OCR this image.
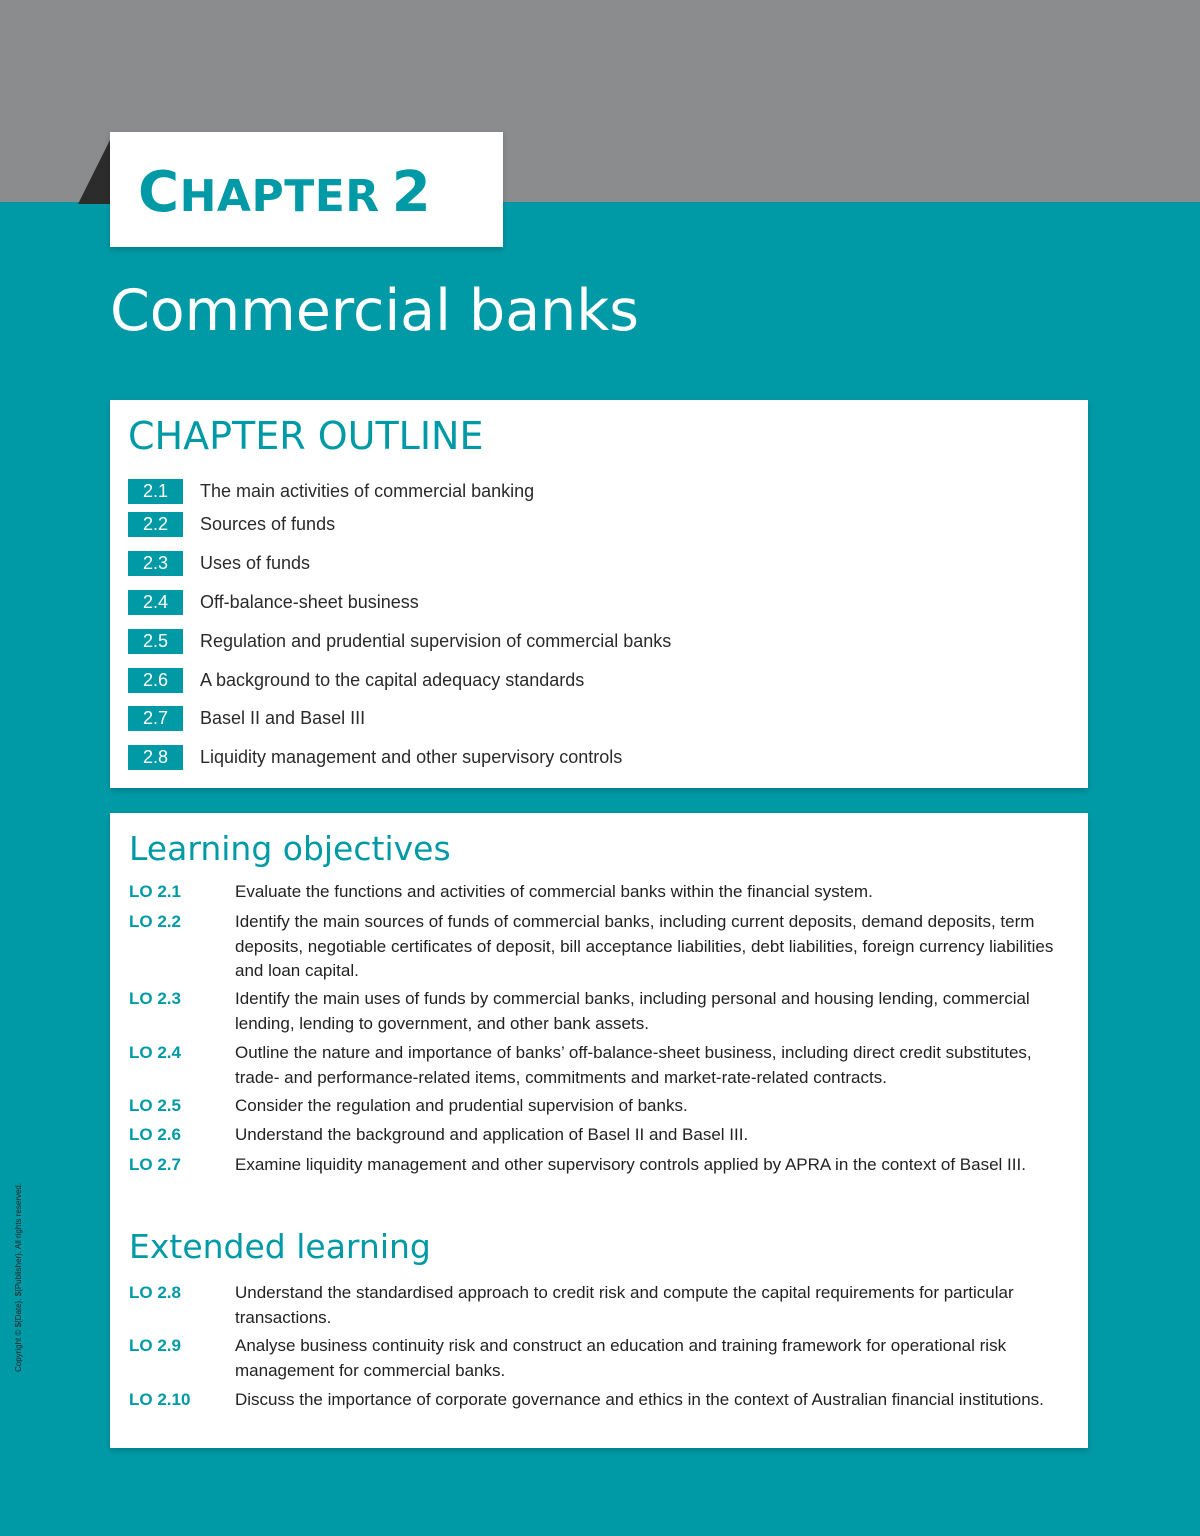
CHAPTER 2
Commercial banks
CHAPTER OUTLINE
2.1	The main activities of commercial banking
2.2	Sources of funds
2.3	Uses of funds
2.4	Off-balance-sheet business
2.5	Regulation and prudential supervision of commercial banks
2.6	A background to the capital adequacy standards
2.7	Basel II and Basel III
2.8	Liquidity management and other supervisory controls
Learning objectives
LO 2.1	Evaluate the functions and activities of commercial banks within the financial system.
LO 2.2	Identify the main sources of funds of commercial banks, including current deposits, demand deposits, term deposits, negotiable certificates of deposit, bill acceptance liabilities, debt liabilities, foreign currency liabilities and loan capital.
LO 2.3	Identify the main uses of funds by commercial banks, including personal and housing lending, commercial lending, lending to government, and other bank assets.
LO 2.4	Outline the nature and importance of banks’ off-balance-sheet business, including direct credit substitutes, trade- and performance-related items, commitments and market-rate-related contracts.
LO 2.5	Consider the regulation and prudential supervision of banks.
LO 2.6	Understand the background and application of Basel II and Basel III.
LO 2.7	Examine liquidity management and other supervisory controls applied by APRA in the context of Basel III.
Extended learning
LO 2.8	Understand the standardised approach to credit risk and compute the capital requirements for particular transactions.
LO 2.9	Analyse business continuity risk and construct an education and training framework for operational risk management for commercial banks.
LO 2.10	Discuss the importance of corporate governance and ethics in the context of Australian financial institutions.
Copyright © ${Date}. ${Publisher}. All rights reserved.
